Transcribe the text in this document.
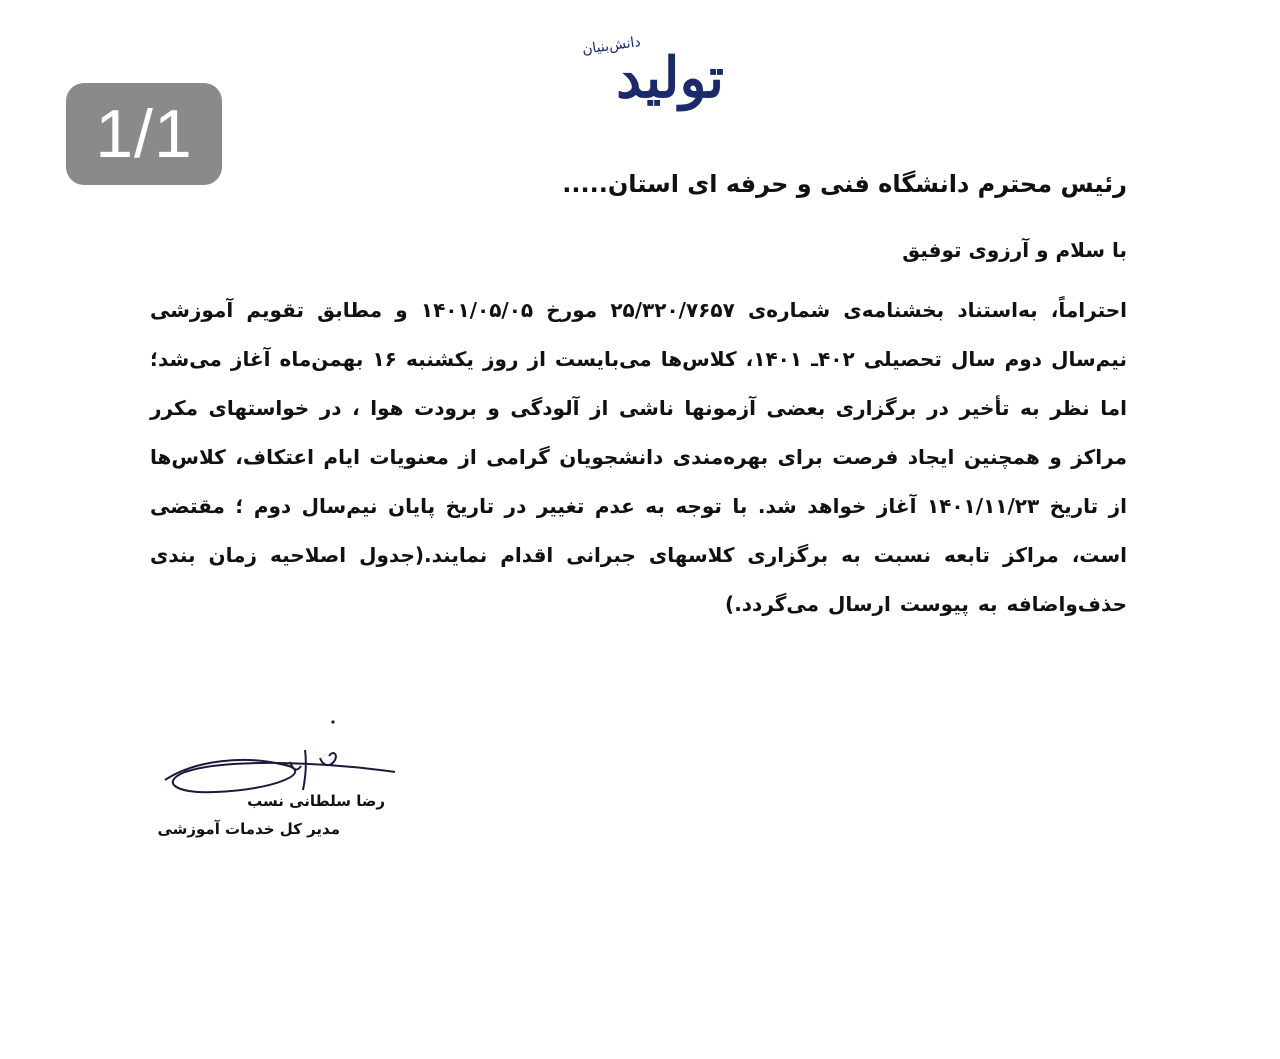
1/1
دانش‌بنیان
تولید

رئیس محترم دانشگاه فنی و حرفه ای استان.....

با سلام و آرزوی توفیق

احتراماً، به‌استناد بخشنامه‌ی شماره‌ی ۲۵/۳۲۰/۷۶۵۷ مورخ ۱۴۰۱/۰۵/۰۵ و مطابق تقویم آموزشی نیم‌سال دوم سال تحصیلی ۴۰۲ـ ۱۴۰۱، کلاس‌ها می‌بایست از روز یکشنبه ۱۶ بهمن‌ماه آغاز می‌شد؛ اما نظر به تأخیر در برگزاری بعضی آزمونها ناشی از آلودگی و برودت هوا ، در خواستهای مکرر مراکز و همچنین ایجاد فرصت برای بهره‌مندی دانشجویان گرامی از معنویات ایام اعتکاف، کلاس‌ها از تاریخ ۱۴۰۱/۱۱/۲۳ آغاز خواهد شد. با توجه به عدم تغییر در تاریخ پایان نیم‌سال دوم ؛ مقتضی است، مراکز تابعه نسبت به برگزاری کلاسهای جبرانی اقدام نمایند.(جدول اصلاحیه زمان بندی حذف‌واضافه به پیوست ارسال می‌گردد.)

رضا سلطانی نسب
مدیر کل خدمات آموزشی
